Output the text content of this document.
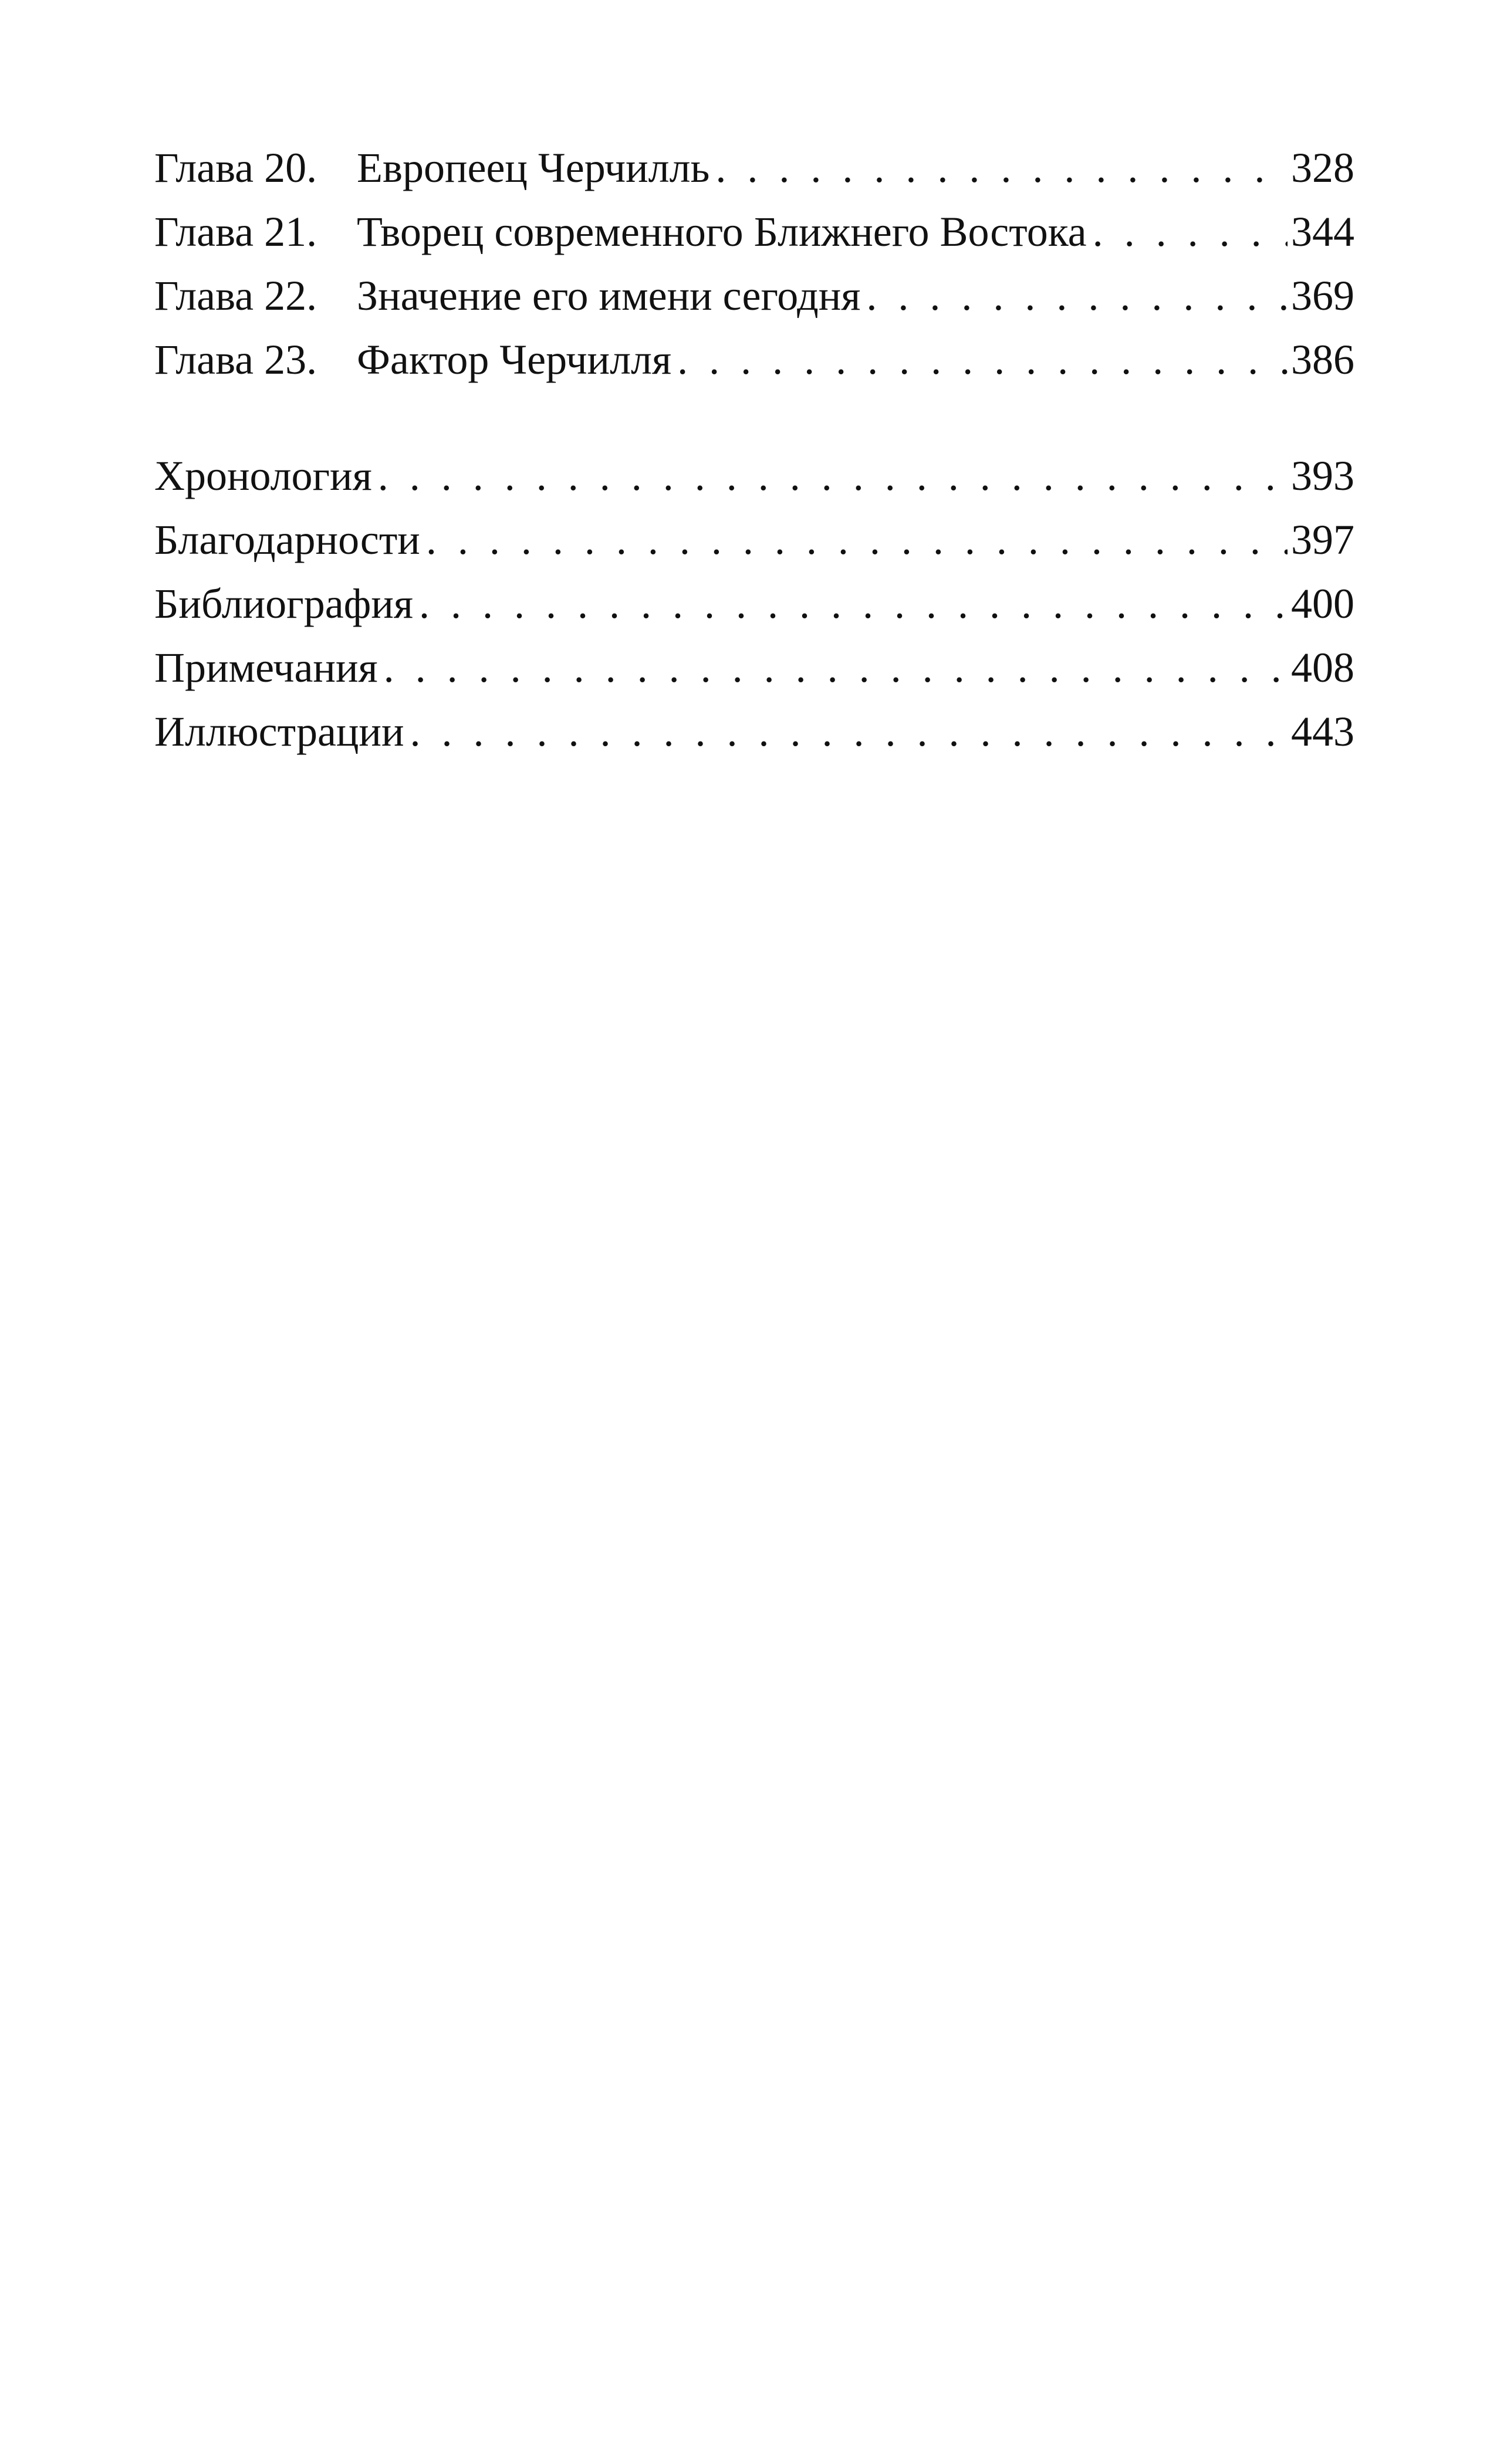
Глава 20. Европеец Черчилль . . .	328
Глава 21. Творец современного Ближнего Востока . . .	344
Глава 22. Значение его имени сегодня . . .	369
Глава 23. Фактор Черчилля . . .	386
Хронология . . .	393
Благодарности . . .	397
Библиография . . .	400
Примечания . . .	408
Иллюстрации . . .	443
